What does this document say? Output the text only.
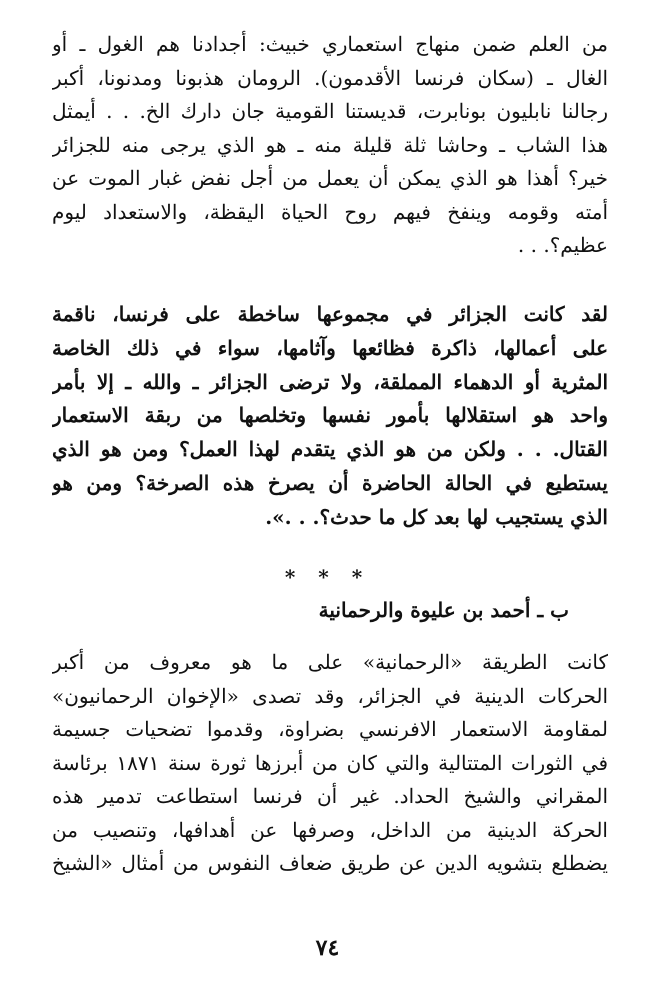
من العلم ضمن منهاج استعماري خبيث: أجدادنا هم الغول ـ أو
الغال ـ (سكان فرنسا الأقدمون). الرومان هذبونا ومدنونا، أكبر
رجالنا نابليون بونابرت، قديستنا القومية جان دارك الخ. . . أيمثل
هذا الشاب ـ وحاشا ثلة قليلة منه ـ هو الذي يرجى منه للجزائر
خير؟ أهذا هو الذي يمكن أن يعمل من أجل نفض غبار الموت عن
أمته وقومه وينفخ فيهم روح الحياة اليقظة، والاستعداد ليوم
عظيم؟. . .
لقد كانت الجزائر في مجموعها ساخطة على فرنسا، ناقمة
على أعمالها، ذاكرة فظائعها وآثامها، سواء في ذلك الخاصة
المثرية أو الدهماء المملقة، ولا ترضى الجزائر ـ والله ـ إلا بأمر
واحد هو استقلالها بأمور نفسها وتخلصها من ربقة الاستعمار
القتال. . . ولكن من هو الذي يتقدم لهذا العمل؟ ومن هو الذي
يستطيع في الحالة الحاضرة أن يصرخ هذه الصرخة؟ ومن هو
الذي يستجيب لها بعد كل ما حدث؟. . .».
* * *
ب ـ أحمد بن عليوة والرحمانية
كانت الطريقة «الرحمانية» على ما هو معروف من أكبر
الحركات الدينية في الجزائر، وقد تصدى «الإخوان الرحمانيون»
لمقاومة الاستعمار الافرنسي بضراوة، وقدموا تضحيات جسيمة
في الثورات المتتالية والتي كان من أبرزها ثورة سنة ١٨٧١ برئاسة
المقراني والشيخ الحداد. غير أن فرنسا استطاعت تدمير هذه
الحركة الدينية من الداخل، وصرفها عن أهدافها، وتنصيب من
يضطلع بتشويه الدين عن طريق ضعاف النفوس من أمثال «الشيخ
٧٤
